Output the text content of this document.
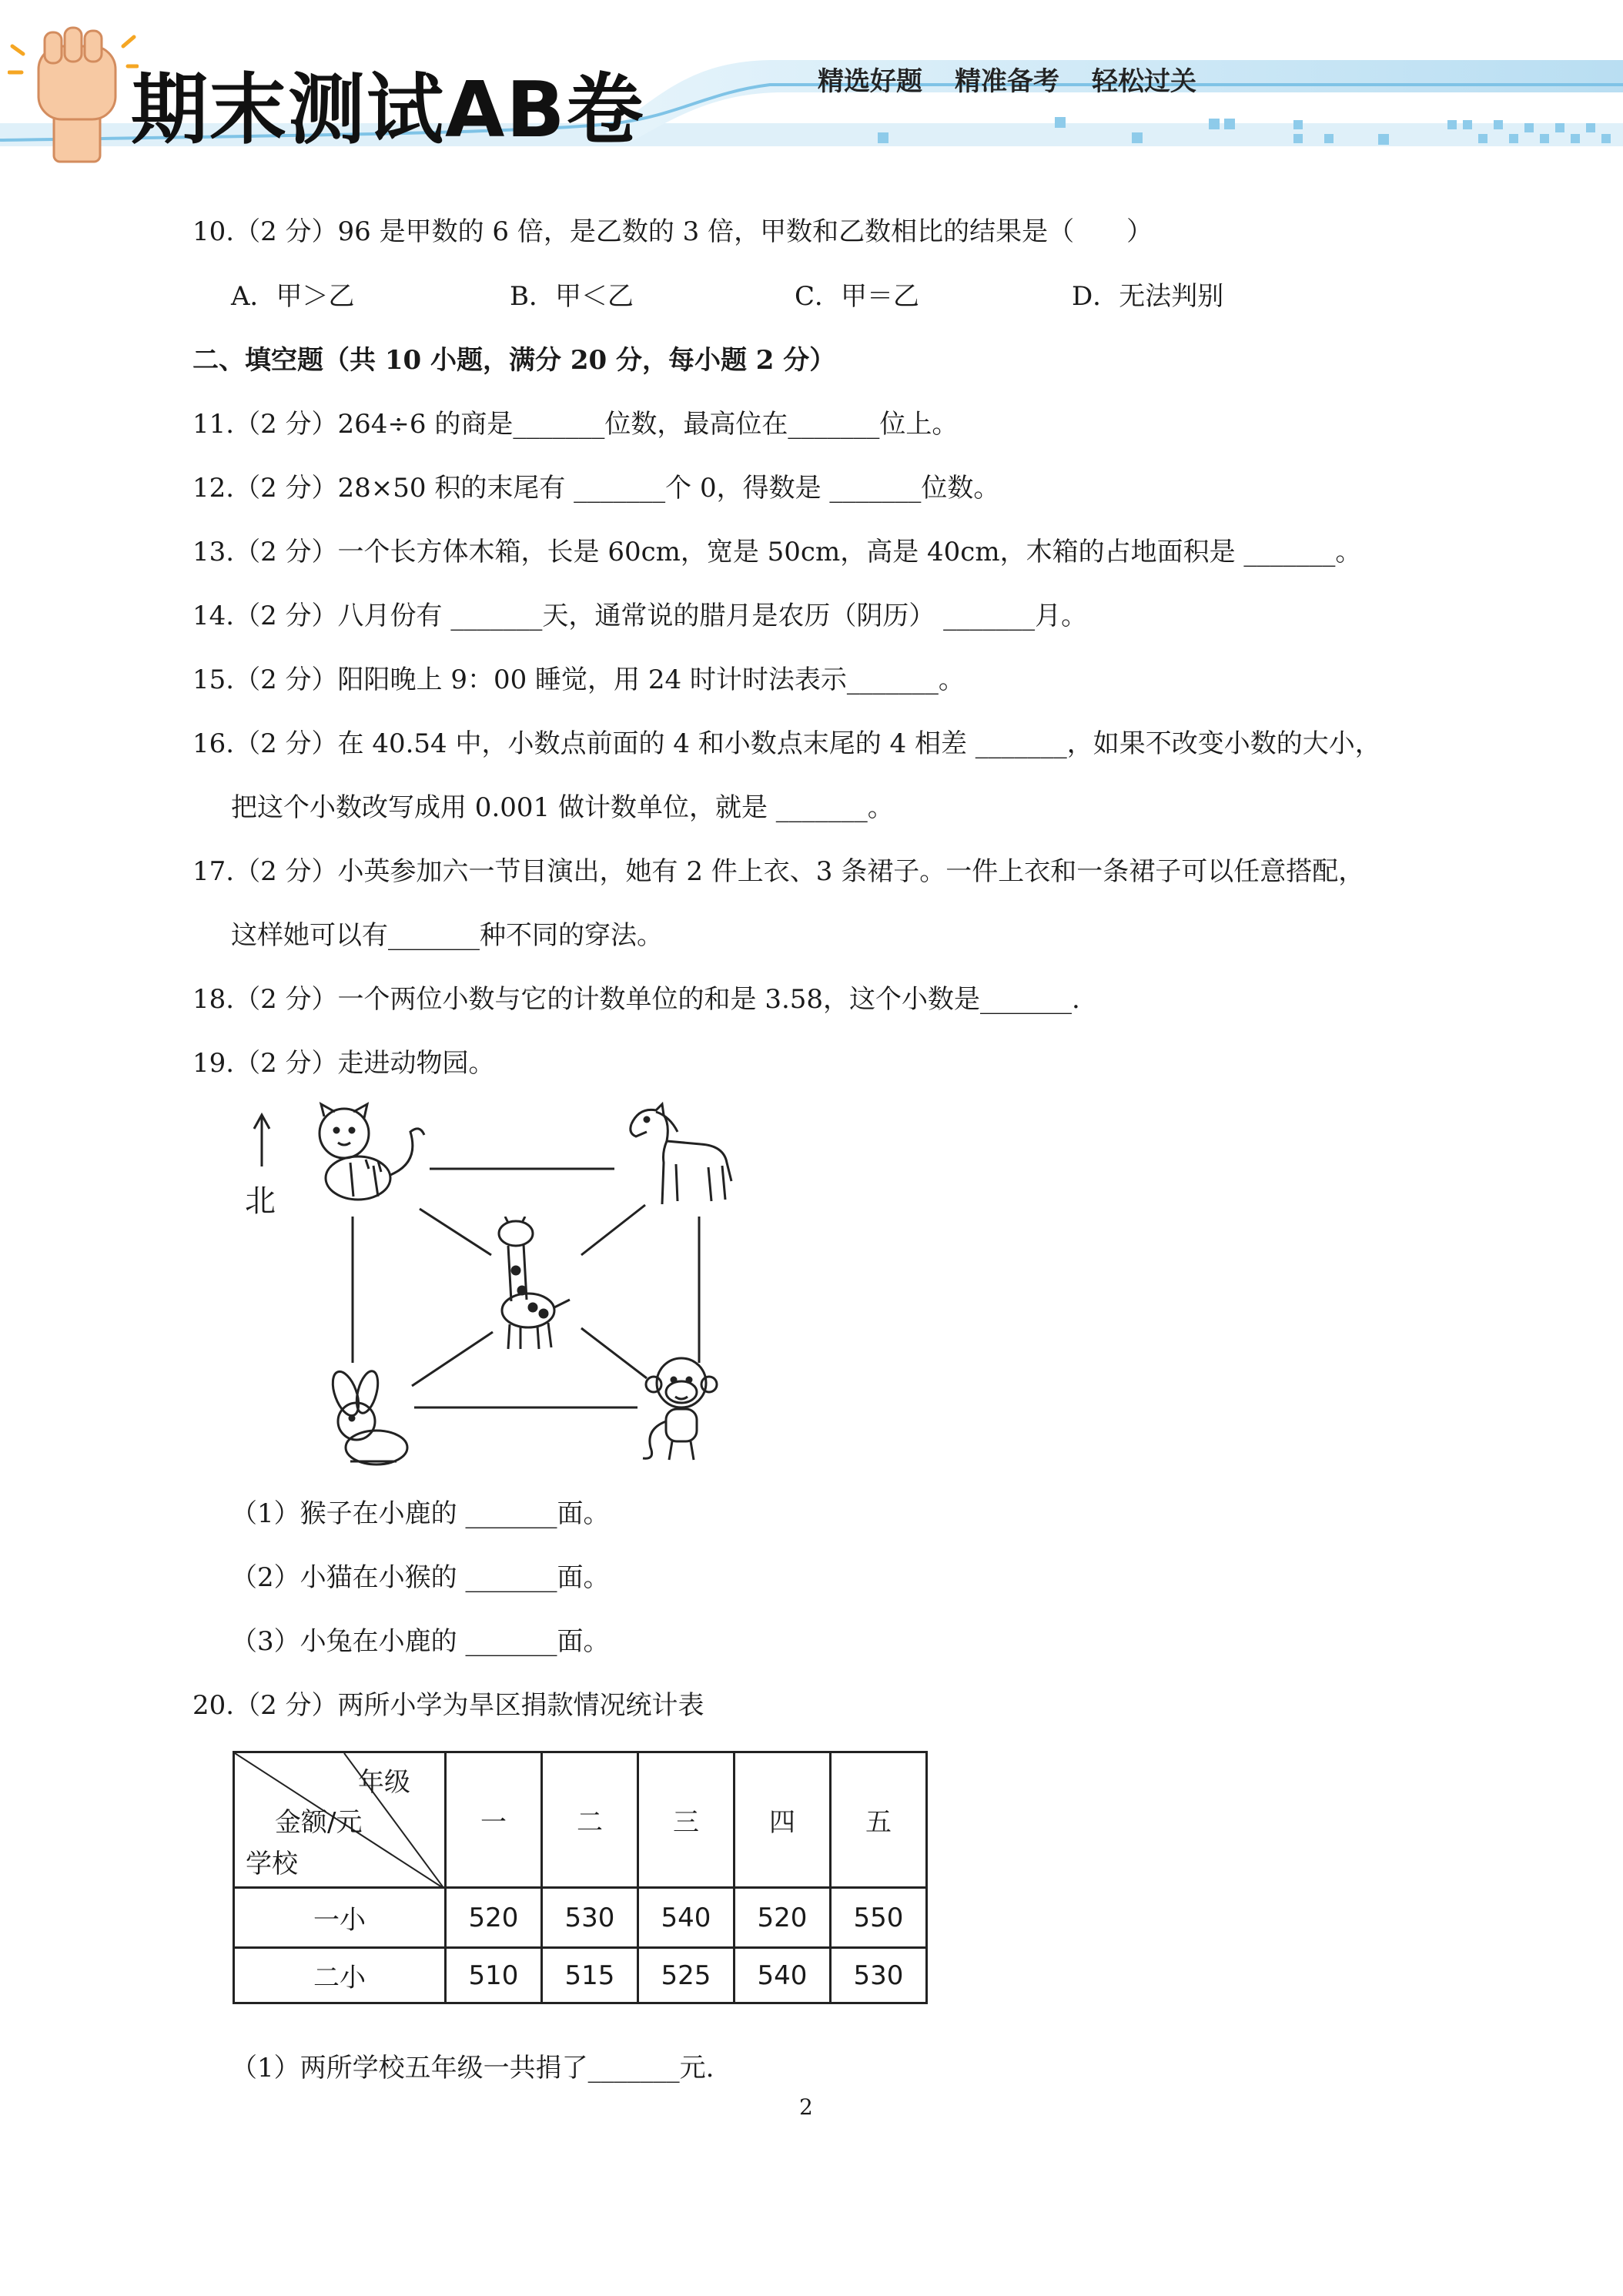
期末测试AB卷	精选好题 精准备考 轻松过关
10.（2 分）96 是甲数的 6 倍，是乙数的 3 倍，甲数和乙数相比的结果是（　　）
A．甲＞乙	B．甲＜乙	C．甲＝乙	D．无法判别
二、填空题（共 10 小题，满分 20 分，每小题 2 分）
11.（2 分）264÷6 的商是_______位数，最高位在_______位上。
12.（2 分）28×50 积的末尾有 _______个 0，得数是 _______位数。
13.（2 分）一个长方体木箱，长是 60cm，宽是 50cm，高是 40cm，木箱的占地面积是 _______。
14.（2 分）八月份有 _______天，通常说的腊月是农历（阴历） _______月。
15.（2 分）阳阳晚上 9：00 睡觉，用 24 时计时法表示_______。
16.（2 分）在 40.54 中，小数点前面的 4 和小数点末尾的 4 相差 _______，如果不改变小数的大小，
把这个小数改写成用 0.001 做计数单位，就是 _______。
17.（2 分）小英参加六一节目演出，她有 2 件上衣、3 条裙子。一件上衣和一条裙子可以任意搭配，
这样她可以有_______种不同的穿法。
18.（2 分）一个两位小数与它的计数单位的和是 3.58，这个小数是_______.
19.（2 分）走进动物园。
北
（1）猴子在小鹿的 _______面。
（2）小猫在小猴的 _______面。
（3）小兔在小鹿的 _______面。
20.（2 分）两所小学为旱区捐款情况统计表
年级
金额/元
学校	一	二	三	四	五
一小	520	530	540	520	550
二小	510	515	525	540	530
（1）两所学校五年级一共捐了_______元.
2
